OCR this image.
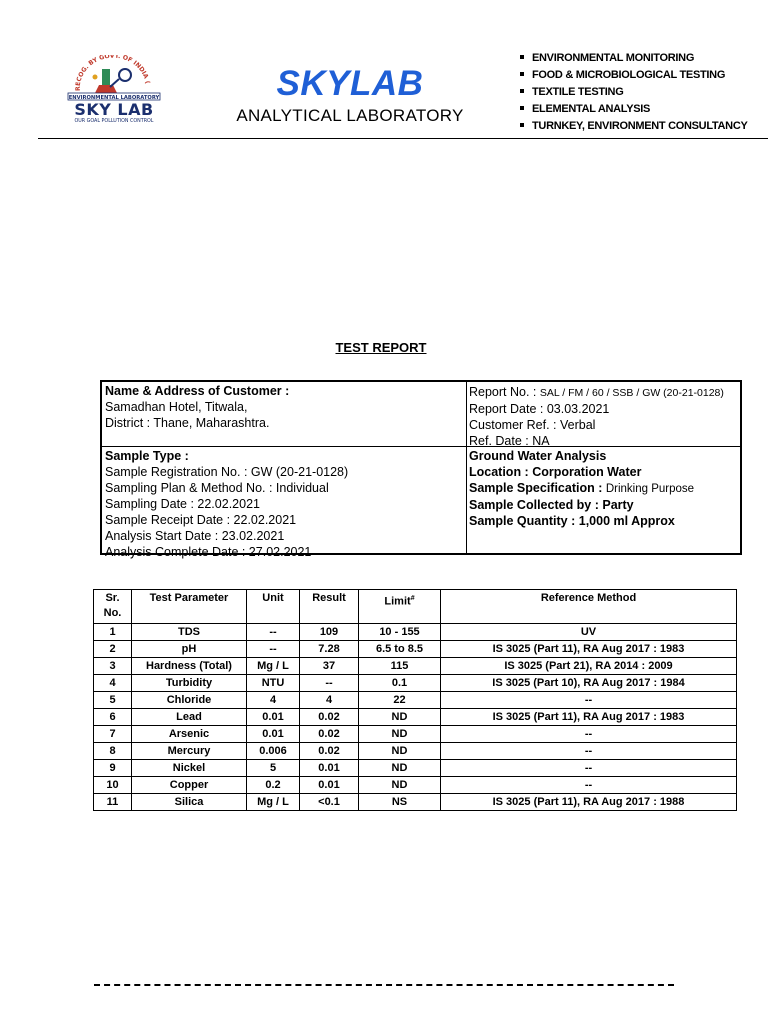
RECOG. BY GOVT. OF INDIA (
ENVIRONMENTAL LABORATORY
SKY LAB
OUR GOAL POLLUTION CONTROL
SKYLAB
ANALYTICAL LABORATORY
ENVIRONMENTAL MONITORING
FOOD & MICROBIOLOGICAL TESTING
TEXTILE TESTING
ELEMENTAL ANALYSIS
TURNKEY, ENVIRONMENT CONSULTANCY
TEST REPORT
Name & Address of Customer :
Samadhan Hotel, Titwala,
District : Thane, Maharashtra.
Report No. : SAL / FM / 60 / SSB / GW (20-21-0128)
Report Date : 03.03.2021
Customer Ref. : Verbal
Ref. Date : NA
Sample Type :
Sample Registration No. : GW (20-21-0128)
Sampling Plan & Method No. : Individual
Sampling Date : 22.02.2021
Sample Receipt Date : 22.02.2021
Analysis Start Date : 23.02.2021
Analysis Complete Date : 27.02.2021
Ground Water Analysis
Location : Corporation Water
Sample Specification : Drinking Purpose
Sample Collected by : Party
Sample Quantity : 1,000 ml Approx
Sr. No.	Test Parameter	Unit	Result	Limit#	Reference Method
1	TDS	--	109	10 - 155	UV
2	pH	--	7.28	6.5 to 8.5	IS 3025 (Part 11), RA Aug 2017 : 1983
3	Hardness (Total)	Mg / L	37	115	IS 3025 (Part 21), RA 2014 : 2009
4	Turbidity	NTU	--	0.1	IS 3025 (Part 10), RA Aug 2017 : 1984
5	Chloride	4	4	22	--
6	Lead	0.01	0.02	ND	IS 3025 (Part 11), RA Aug 2017 : 1983
7	Arsenic	0.01	0.02	ND	--
8	Mercury	0.006	0.02	ND	--
9	Nickel	5	0.01	ND	--
10	Copper	0.2	0.01	ND	--
11	Silica	Mg / L	<0.1	NS	IS 3025 (Part 11), RA Aug 2017 : 1988
